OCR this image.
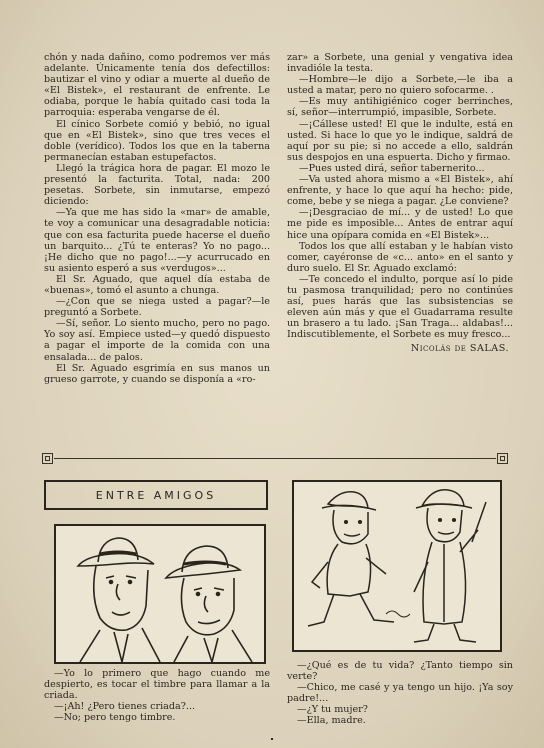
chón y nada dañino, como podremos ver más adelante. Únicamente tenía dos defectillos: bautizar el vino y odiar a muerte al dueño de «El Bistek», el restaurant de enfrente. Le odiaba, porque le había quitado casi toda la parroquia: esperaba vengarse de él.

El cínico Sorbete comió y bebió, no igual que en «El Bistek», sino que tres veces el doble (verídico). Todos los que en la taberna permanecían estaban estupefactos.

Llegó la trágica hora de pagar. El mozo le presentó la facturita. Total, nada: 200 pesetas. Sorbete, sin inmutarse, empezó diciendo:

—Ya que me has sido la «mar» de amable, te voy a comunicar una desagradable noticia: que con esa facturita puede hacerse el dueño un barquito... ¿Tú te enteras? Yo no pago... ¡He dicho que no pago!...—y acurrucado en su asiento esperó a sus «verdugos»...

El Sr. Aguado, que aquel día estaba de «buenas», tomó el asunto a chunga.

—¿Con que se niega usted a pagar?—le preguntó a Sorbete.

—Sí, señor. Lo siento mucho, pero no pago. Yo soy así. Empiece usted—y quedó dispuesto a pagar el importe de la comida con una ensalada... de palos.

El Sr. Aguado esgrimía en sus manos un grueso garrote, y cuando se disponía a «ro-

zar» a Sorbete, una genial y vengativa idea invadióle la testa.

—Hombre—le dijo a Sorbete,—le iba a usted a matar, pero no quiero sofocarme. .

—Es muy antihigiénico coger berrinches, sí, señor—interrumpió, impasible, Sorbete.

—¡Cállese usted! El que le indulte, está en usted. Si hace lo que yo le indique, saldrá de aquí por su pie; si no accede a ello, saldrán sus despojos en una espuerta. Dicho y firmao.

—Pues usted dirá, señor tabernerito...

—Va usted ahora mismo a «El Bistek», ahí enfrente, y hace lo que aquí ha hecho: pide, come, bebe y se niega a pagar. ¿Le conviene?

—¡Desgraciao de mí... y de usted! Lo que me pide es imposible... Antes de entrar aquí hice una opípara comida en «El Bistek»...

Todos los que allí estaban y le habían visto comer, cayéronse de «c... anto» en el santo y duro suelo. El Sr. Aguado exclamó:

—Te concedo el indulto, porque así lo pide tu pasmosa tranquilidad; pero no continúes así, pues harás que las subsistencias se eleven aún más y que el Guadarrama resulte un brasero a tu lado. ¡San Traga... aldabas!... Indiscutiblemente, el Sorbete es muy fresco...

Nicolás de SALAS.

ENTRE AMIGOS

—Yo lo primero que hago cuando me despierto, es tocar el timbre para llamar a la criada.

—¡Ah! ¿Pero tienes criada?...

—No; pero tengo timbre.

—¿Qué es de tu vida? ¿Tanto tiempo sin verte?

—Chico, me casé y ya tengo un hijo. ¡Ya soy padre!...

—¿Y tu mujer?

—Ella, madre.
